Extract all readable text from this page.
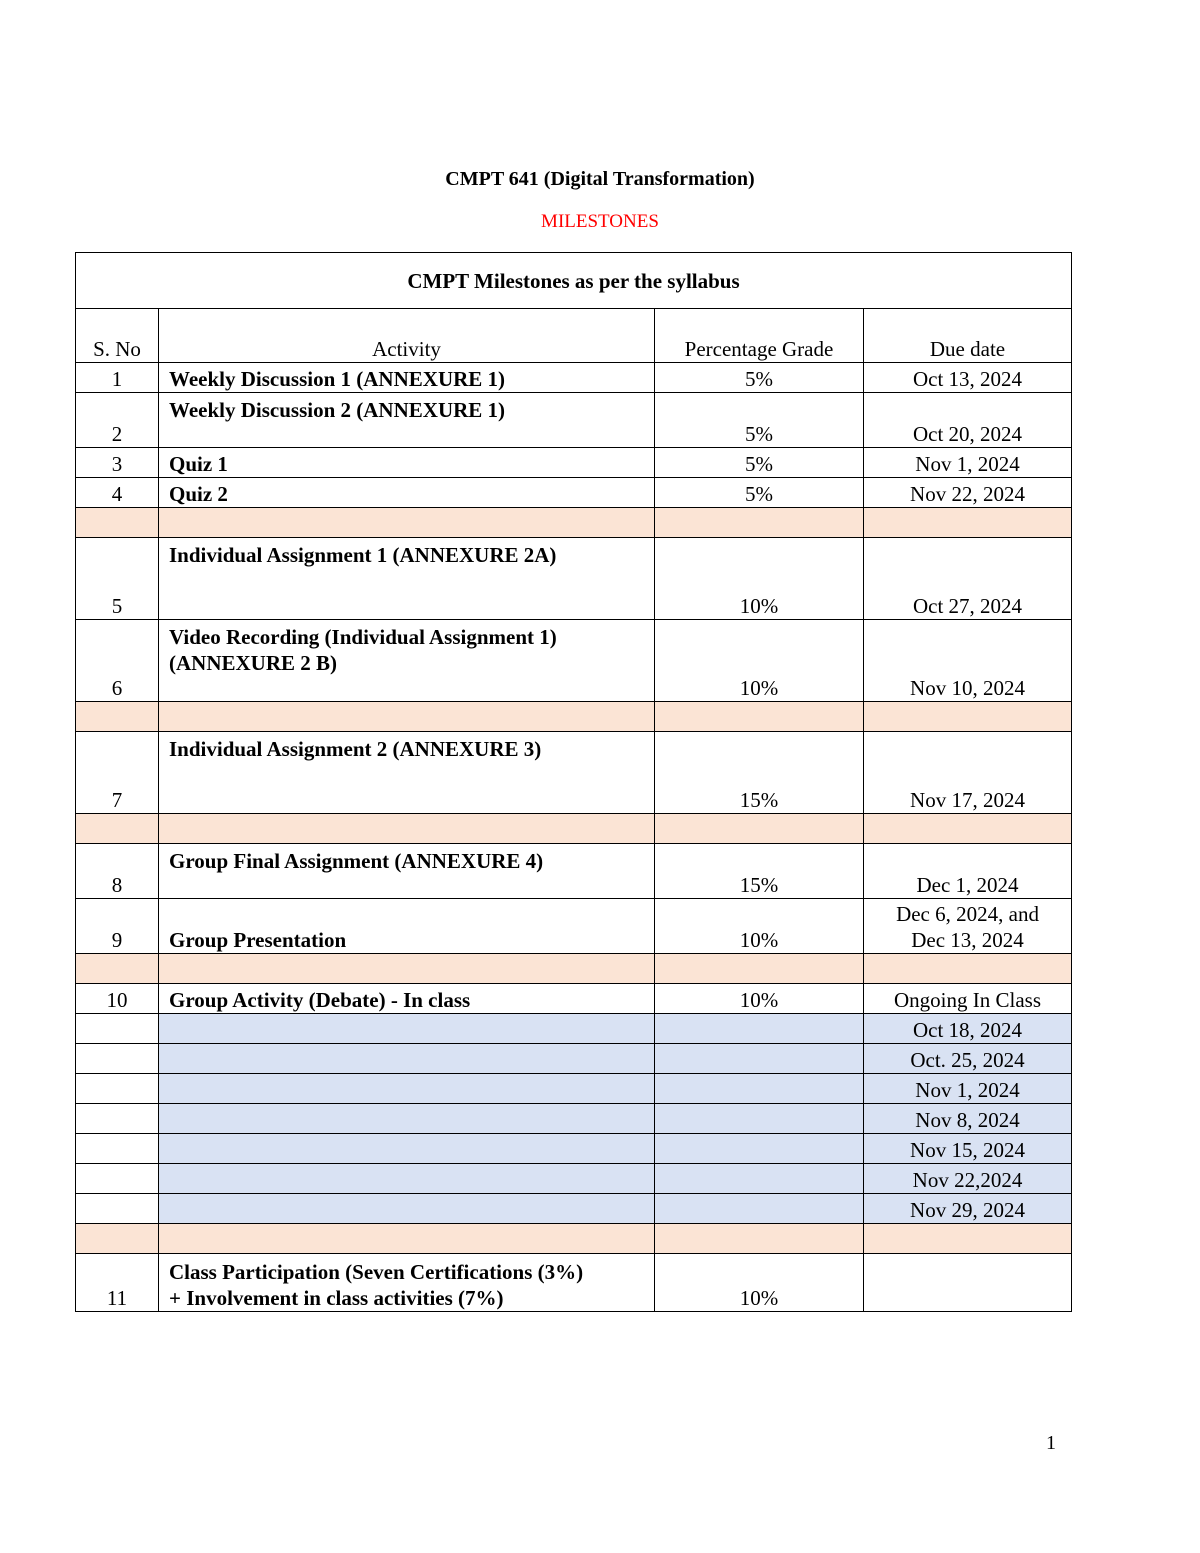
CMPT 641 (Digital Transformation)
MILESTONES
CMPT Milestones as per the syllabus			
S. No	Activity	Percentage Grade	Due date
1	Weekly Discussion 1 (ANNEXURE 1)	5%	Oct 13, 2024
2	Weekly Discussion 2 (ANNEXURE 1)	5%	Oct 20, 2024
3	Quiz 1	5%	Nov 1, 2024
4	Quiz 2	5%	Nov 22, 2024

5	Individual Assignment 1 (ANNEXURE 2A)	10%	Oct 27, 2024
6	Video Recording (Individual Assignment 1)
(ANNEXURE 2 B)	10%	Nov 10, 2024

7	Individual Assignment 2 (ANNEXURE 3)	15%	Nov 17, 2024

8	Group Final Assignment (ANNEXURE 4)	15%	Dec 1, 2024
9	Group Presentation	10%	Dec 6, 2024, and
Dec 13, 2024

10	Group Activity (Debate) - In class	10%	Ongoing In Class
			Oct 18, 2024
			Oct. 25, 2024
			Nov 1, 2024
			Nov 8, 2024
			Nov 15, 2024
			Nov 22,2024
			Nov 29, 2024

11	Class Participation (Seven Certifications (3%)
+ Involvement in class activities (7%)	10%	
1
